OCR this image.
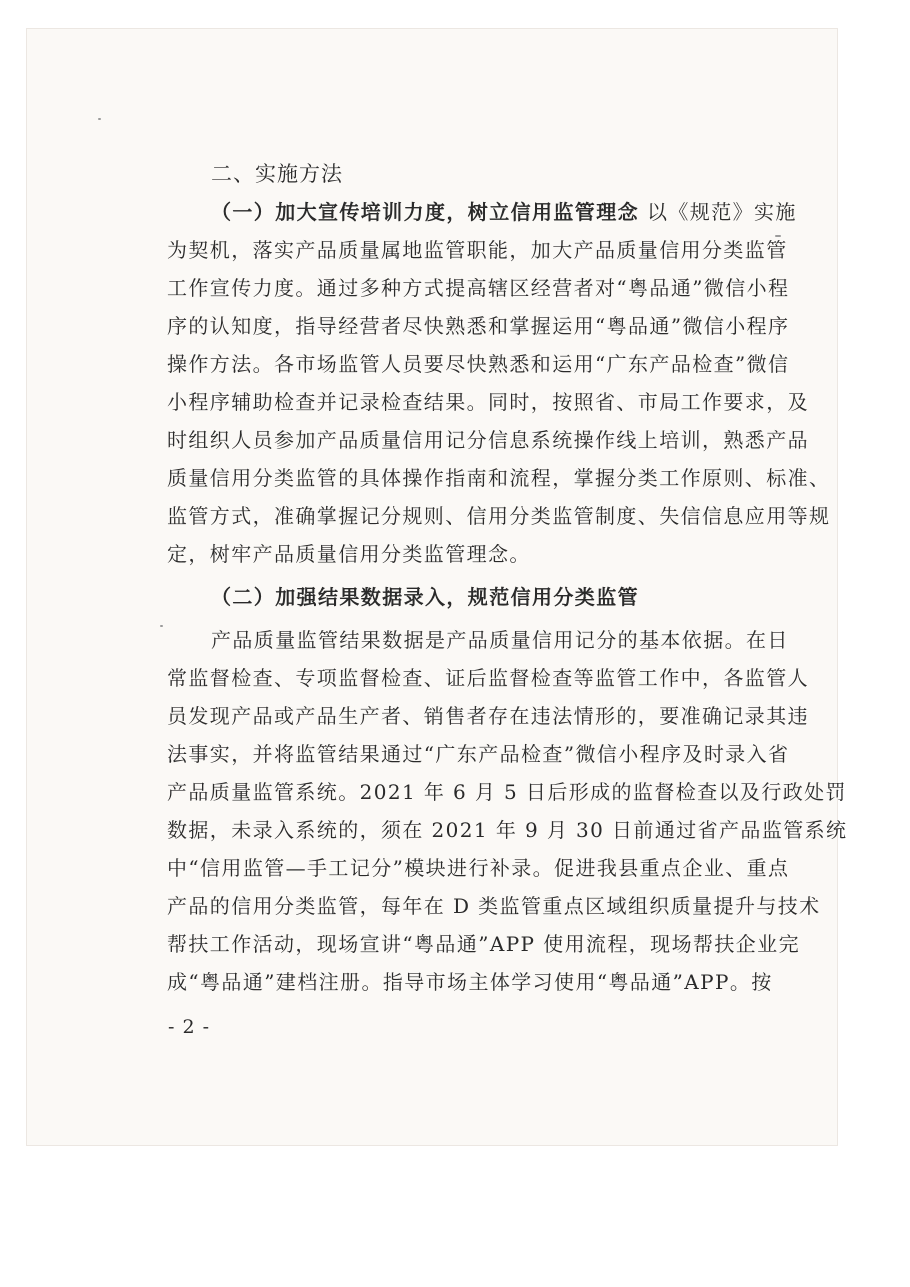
二、实施方法
（一）加大宣传培训力度，树立信用监管理念 以《规范》实施
为契机，落实产品质量属地监管职能，加大产品质量信用分类监管
工作宣传力度。通过多种方式提高辖区经营者对“粤品通”微信小程
序的认知度，指导经营者尽快熟悉和掌握运用“粤品通”微信小程序
操作方法。各市场监管人员要尽快熟悉和运用“广东产品检查”微信
小程序辅助检查并记录检查结果。同时，按照省、市局工作要求，及
时组织人员参加产品质量信用记分信息系统操作线上培训，熟悉产品
质量信用分类监管的具体操作指南和流程，掌握分类工作原则、标准、
监管方式，准确掌握记分规则、信用分类监管制度、失信信息应用等规
定，树牢产品质量信用分类监管理念。
（二）加强结果数据录入，规范信用分类监管
产品质量监管结果数据是产品质量信用记分的基本依据。在日
常监督检查、专项监督检查、证后监督检查等监管工作中，各监管人
员发现产品或产品生产者、销售者存在违法情形的，要准确记录其违
法事实，并将监管结果通过“广东产品检查”微信小程序及时录入省
产品质量监管系统。2021 年 6 月 5 日后形成的监督检查以及行政处罚
数据，未录入系统的，须在 2021 年 9 月 30 日前通过省产品监管系统
中“信用监管—手工记分”模块进行补录。促进我县重点企业、重点
产品的信用分类监管，每年在 D 类监管重点区域组织质量提升与技术
帮扶工作活动，现场宣讲“粤品通”APP 使用流程，现场帮扶企业完
成“粤品通”建档注册。指导市场主体学习使用“粤品通”APP。按
- 2 -
